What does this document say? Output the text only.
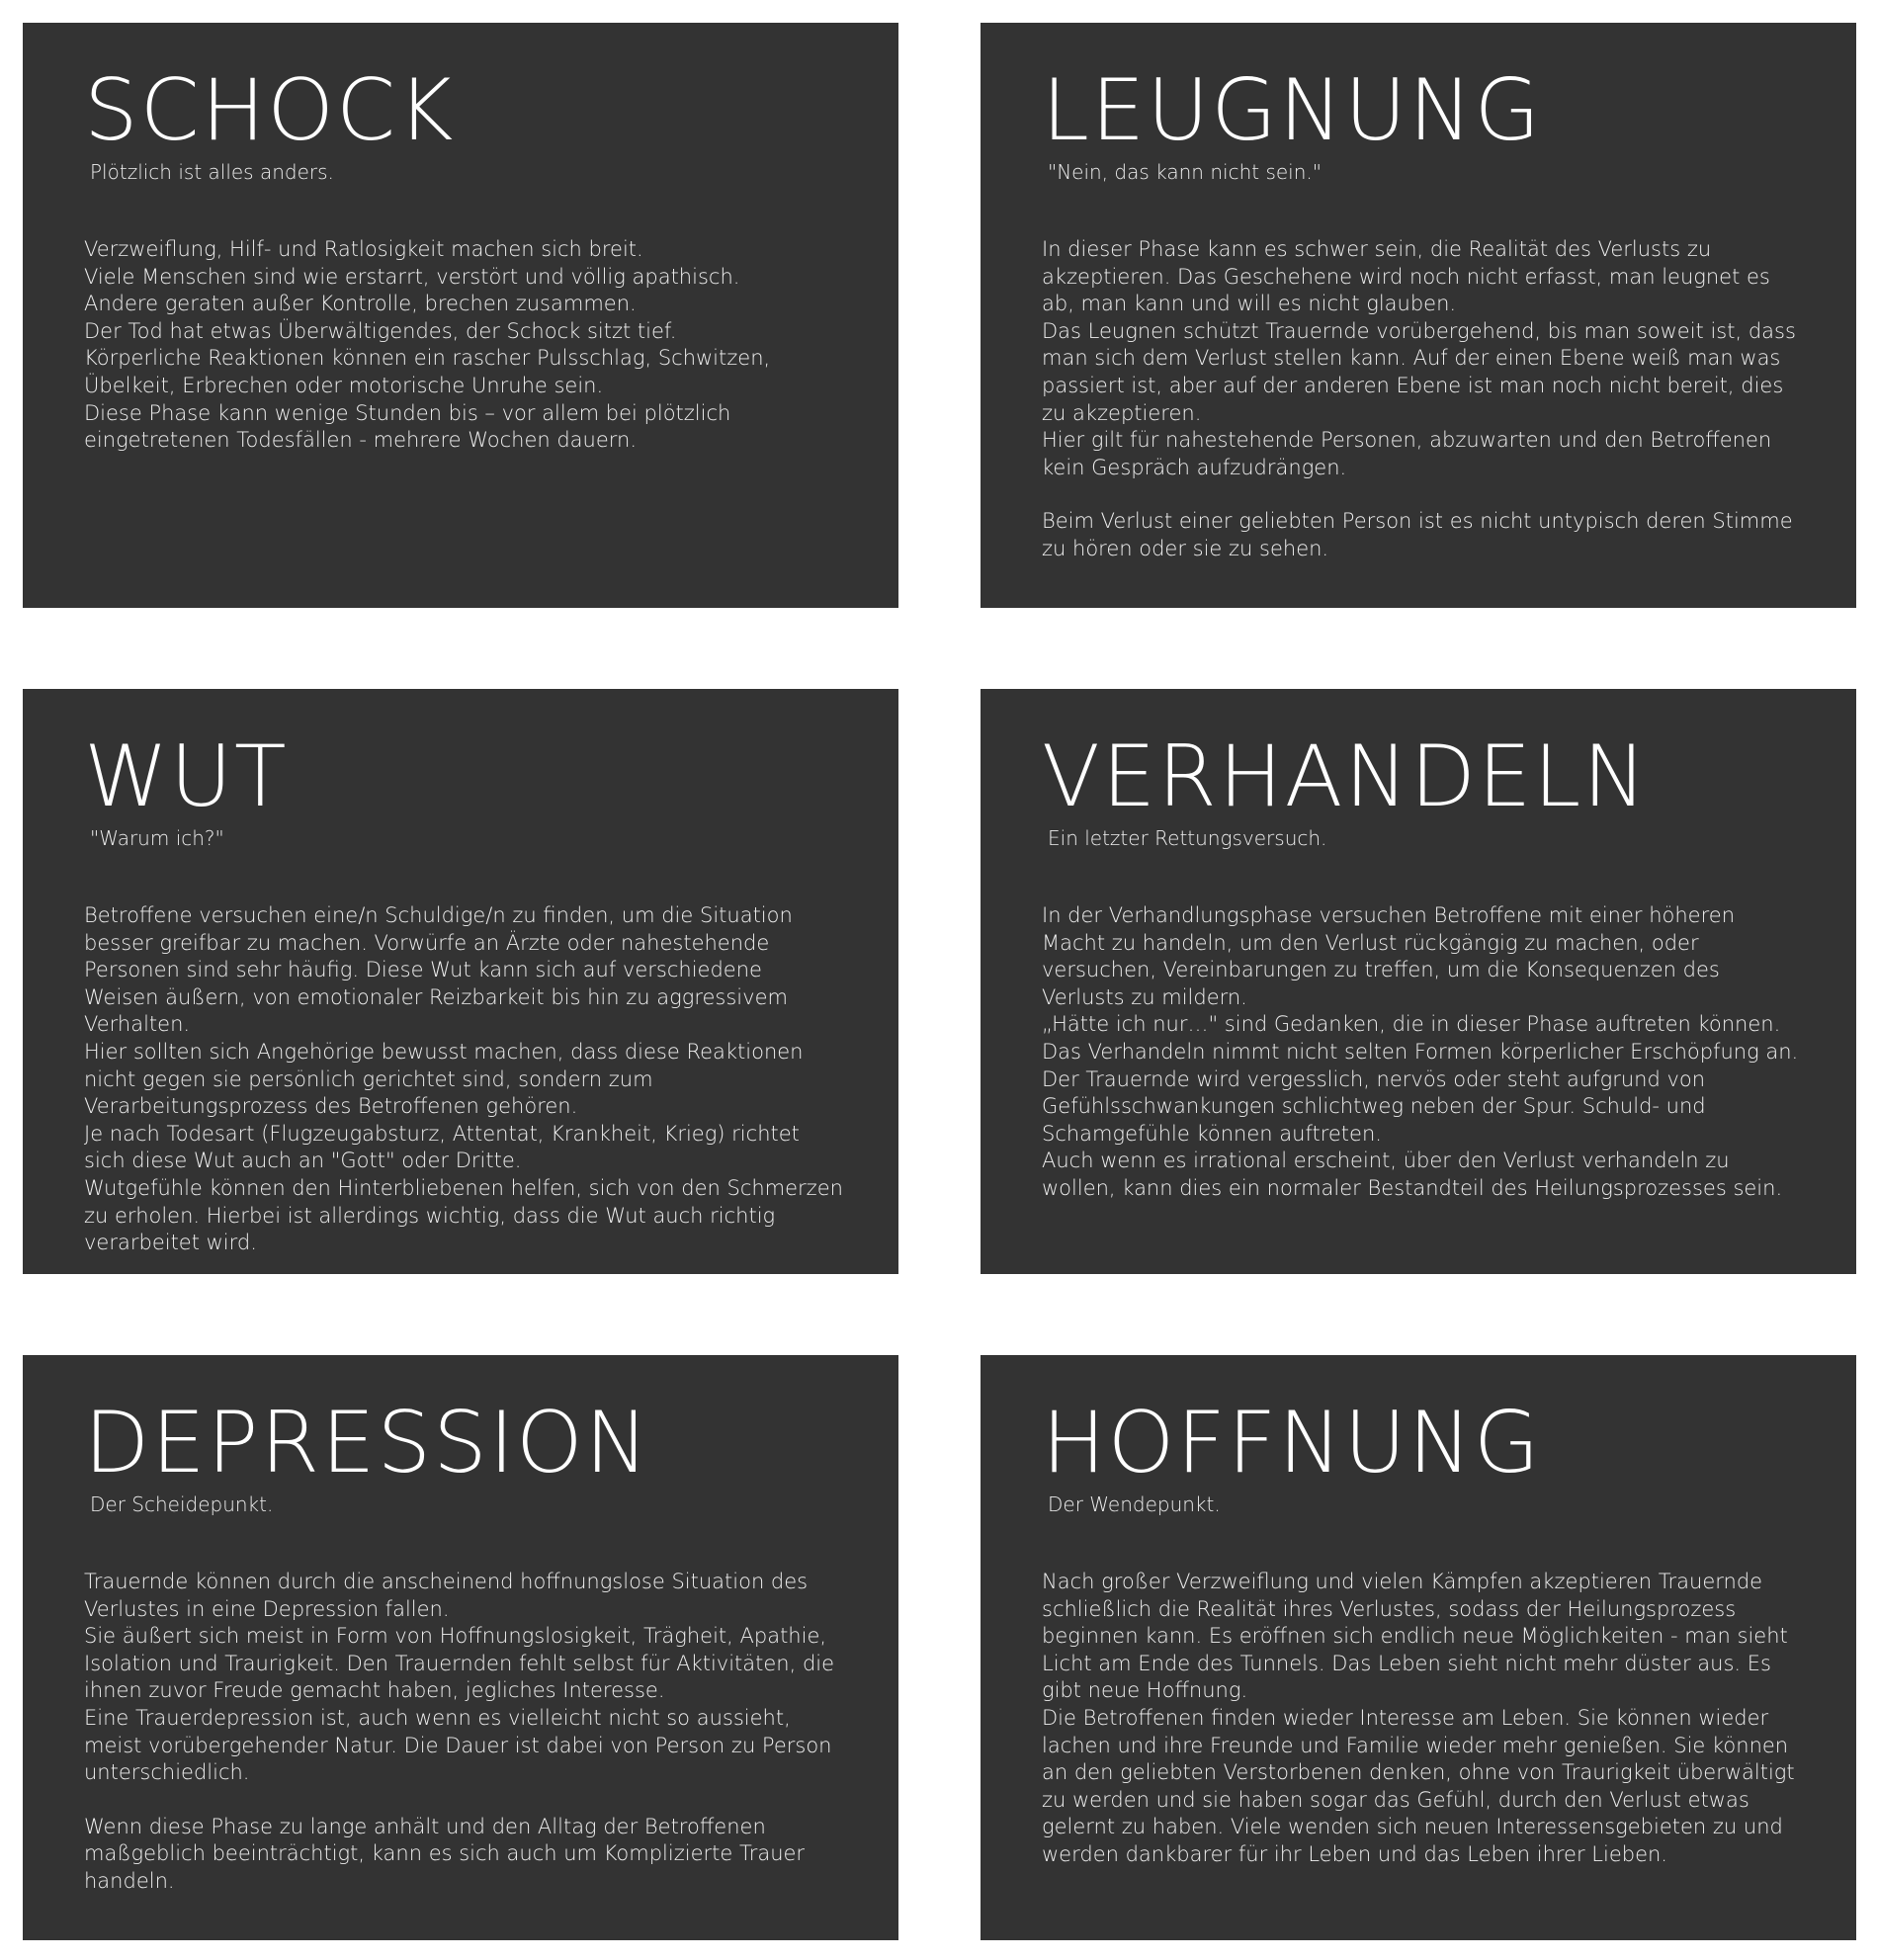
SCHOCK
Plötzlich ist alles anders.

Verzweiflung, Hilf- und Ratlosigkeit machen sich breit.
Viele Menschen sind wie erstarrt, verstört und völlig apathisch.
Andere geraten außer Kontrolle, brechen zusammen.
Der Tod hat etwas Überwältigendes, der Schock sitzt tief.
Körperliche Reaktionen können ein rascher Pulsschlag, Schwitzen, Übelkeit, Erbrechen oder motorische Unruhe sein.
Diese Phase kann wenige Stunden bis – vor allem bei plötzlich eingetretenen Todesfällen - mehrere Wochen dauern.

LEUGNUNG
"Nein, das kann nicht sein."

In dieser Phase kann es schwer sein, die Realität des Verlusts zu akzeptieren. Das Geschehene wird noch nicht erfasst, man leugnet es ab, man kann und will es nicht glauben.
Das Leugnen schützt Trauernde vorübergehend, bis man soweit ist, dass man sich dem Verlust stellen kann. Auf der einen Ebene weiß man was passiert ist, aber auf der anderen Ebene ist man noch nicht bereit, dies zu akzeptieren.
Hier gilt für nahestehende Personen, abzuwarten und den Betroffenen kein Gespräch aufzudrängen.

Beim Verlust einer geliebten Person ist es nicht untypisch deren Stimme zu hören oder sie zu sehen.

WUT
"Warum ich?"

Betroffene versuchen eine/n Schuldige/n zu finden, um die Situation besser greifbar zu machen. Vorwürfe an Ärzte oder nahestehende Personen sind sehr häufig. Diese Wut kann sich auf verschiedene Weisen äußern, von emotionaler Reizbarkeit bis hin zu aggressivem Verhalten.
Hier sollten sich Angehörige bewusst machen, dass diese Reaktionen nicht gegen sie persönlich gerichtet sind, sondern zum Verarbeitungsprozess des Betroffenen gehören.
Je nach Todesart (Flugzeugabsturz, Attentat, Krankheit, Krieg) richtet sich diese Wut auch an "Gott" oder Dritte.
Wutgefühle können den Hinterbliebenen helfen, sich von den Schmerzen zu erholen. Hierbei ist allerdings wichtig, dass die Wut auch richtig verarbeitet wird.

VERHANDELN
Ein letzter Rettungsversuch.

In der Verhandlungsphase versuchen Betroffene mit einer höheren Macht zu handeln, um den Verlust rückgängig zu machen, oder versuchen, Vereinbarungen zu treffen, um die Konsequenzen des Verlusts zu mildern.
„Hätte ich nur…" sind Gedanken, die in dieser Phase auftreten können.
Das Verhandeln nimmt nicht selten Formen körperlicher Erschöpfung an. Der Trauernde wird vergesslich, nervös oder steht aufgrund von Gefühlsschwankungen schlichtweg neben der Spur. Schuld- und Schamgefühle können auftreten.
Auch wenn es irrational erscheint, über den Verlust verhandeln zu wollen, kann dies ein normaler Bestandteil des Heilungsprozesses sein.

DEPRESSION
Der Scheidepunkt.

Trauernde können durch die anscheinend hoffnungslose Situation des Verlustes in eine Depression fallen.
Sie äußert sich meist in Form von Hoffnungslosigkeit, Trägheit, Apathie, Isolation und Traurigkeit. Den Trauernden fehlt selbst für Aktivitäten, die ihnen zuvor Freude gemacht haben, jegliches Interesse.
Eine Trauerdepression ist, auch wenn es vielleicht nicht so aussieht, meist vorübergehender Natur. Die Dauer ist dabei von Person zu Person unterschiedlich.

Wenn diese Phase zu lange anhält und den Alltag der Betroffenen maßgeblich beeinträchtigt, kann es sich auch um Komplizierte Trauer handeln.

HOFFNUNG
Der Wendepunkt.

Nach großer Verzweiflung und vielen Kämpfen akzeptieren Trauernde schließlich die Realität ihres Verlustes, sodass der Heilungsprozess beginnen kann. Es eröffnen sich endlich neue Möglichkeiten - man sieht Licht am Ende des Tunnels. Das Leben sieht nicht mehr düster aus. Es gibt neue Hoffnung.
Die Betroffenen finden wieder Interesse am Leben. Sie können wieder lachen und ihre Freunde und Familie wieder mehr genießen. Sie können an den geliebten Verstorbenen denken, ohne von Traurigkeit überwältigt zu werden und sie haben sogar das Gefühl, durch den Verlust etwas gelernt zu haben. Viele wenden sich neuen Interessensgebieten zu und werden dankbarer für ihr Leben und das Leben ihrer Lieben.
